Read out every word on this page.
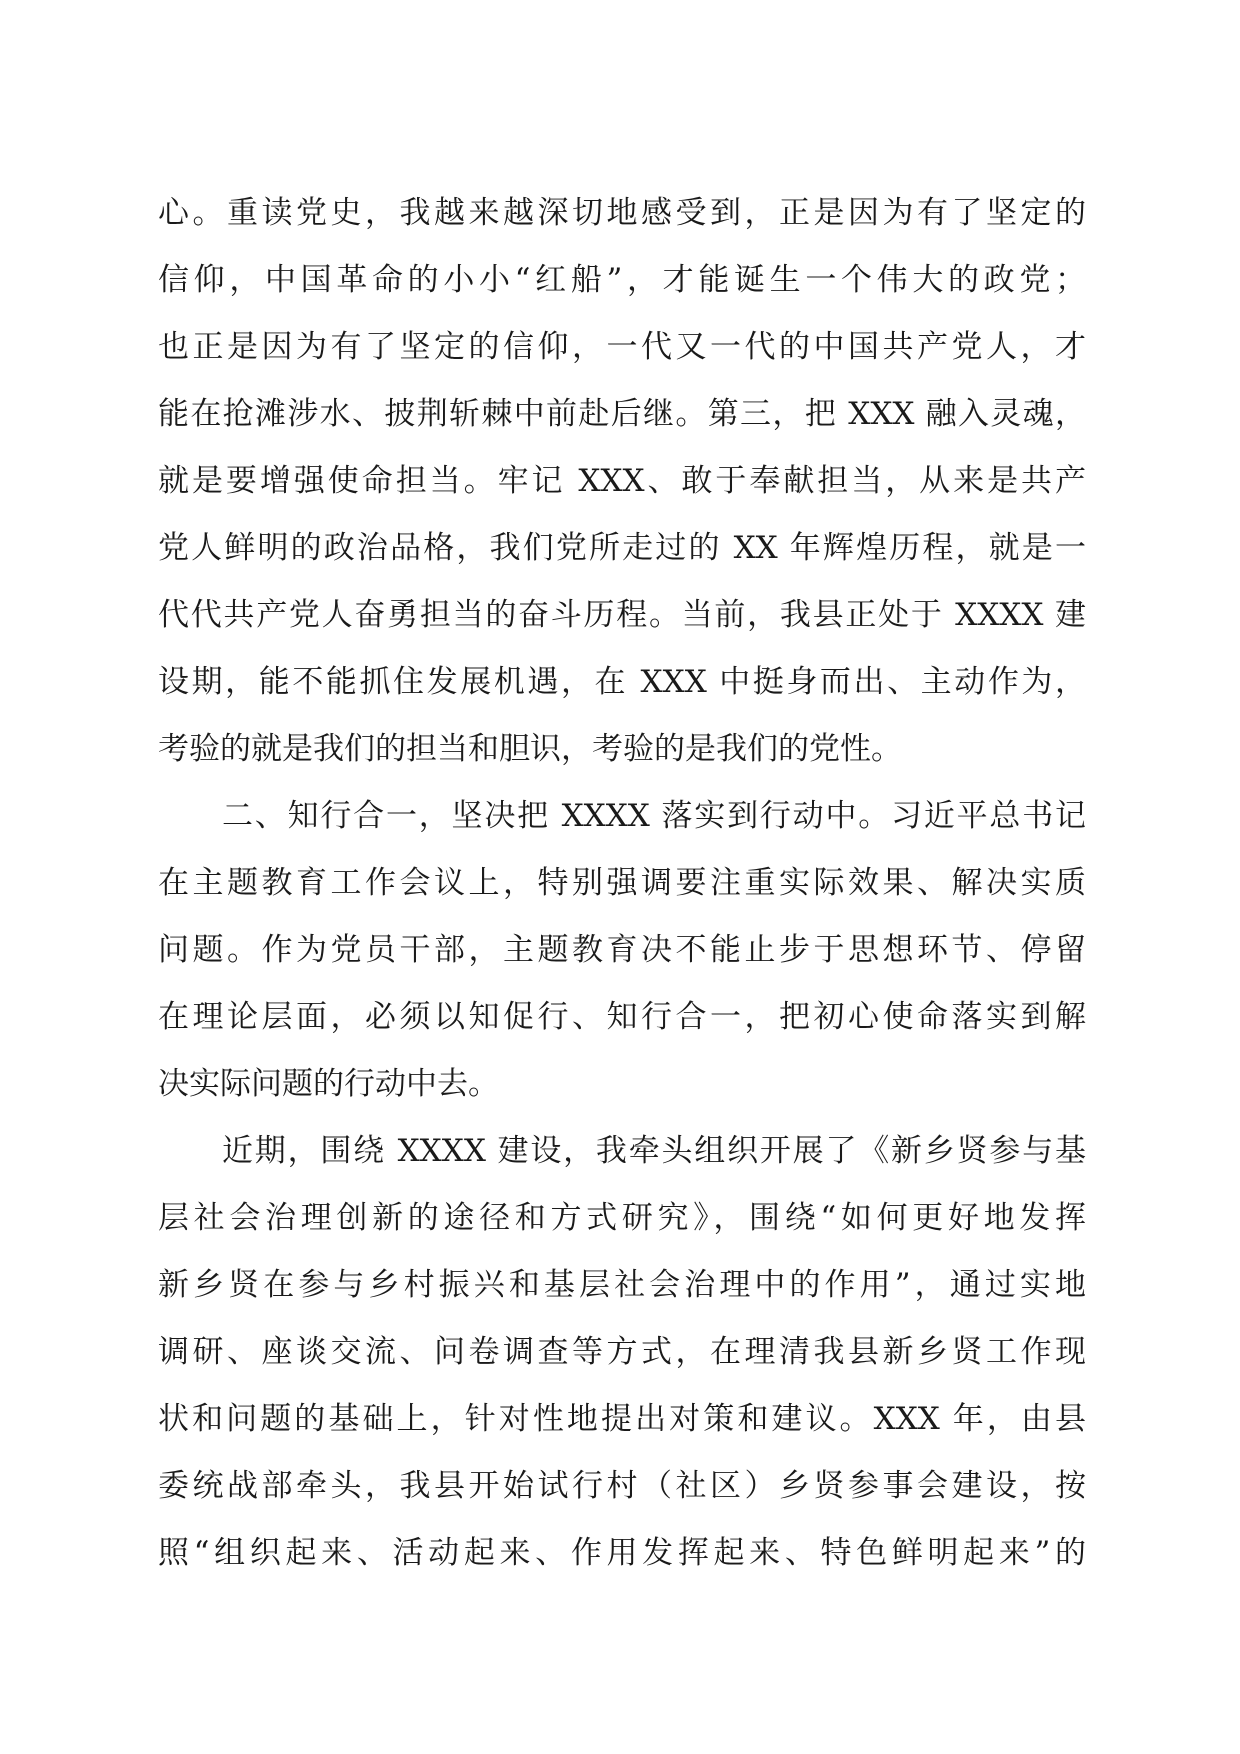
心。重读党史，我越来越深切地感受到，正是因为有了坚定的
信仰，中国革命的小小“红船”，才能诞生一个伟大的政党；
也正是因为有了坚定的信仰，一代又一代的中国共产党人，才
能在抢滩涉水、披荆斩棘中前赴后继。第三，把 XXX 融入灵魂，
就是要增强使命担当。牢记 XXX、敢于奉献担当，从来是共产
党人鲜明的政治品格，我们党所走过的 XX 年辉煌历程，就是一
代代共产党人奋勇担当的奋斗历程。当前，我县正处于 XXXX 建
设期，能不能抓住发展机遇，在 XXX 中挺身而出、主动作为，
考验的就是我们的担当和胆识，考验的是我们的党性。
二、知行合一，坚决把 XXXX 落实到行动中。习近平总书记
在主题教育工作会议上，特别强调要注重实际效果、解决实质
问题。作为党员干部，主题教育决不能止步于思想环节、停留
在理论层面，必须以知促行、知行合一，把初心使命落实到解
决实际问题的行动中去。
近期，围绕 XXXX 建设，我牵头组织开展了《新乡贤参与基
层社会治理创新的途径和方式研究》，围绕“如何更好地发挥
新乡贤在参与乡村振兴和基层社会治理中的作用”，通过实地
调研、座谈交流、问卷调查等方式，在理清我县新乡贤工作现
状和问题的基础上，针对性地提出对策和建议。XXX 年，由县
委统战部牵头，我县开始试行村（社区）乡贤参事会建设，按
照“组织起来、活动起来、作用发挥起来、特色鲜明起来”的
